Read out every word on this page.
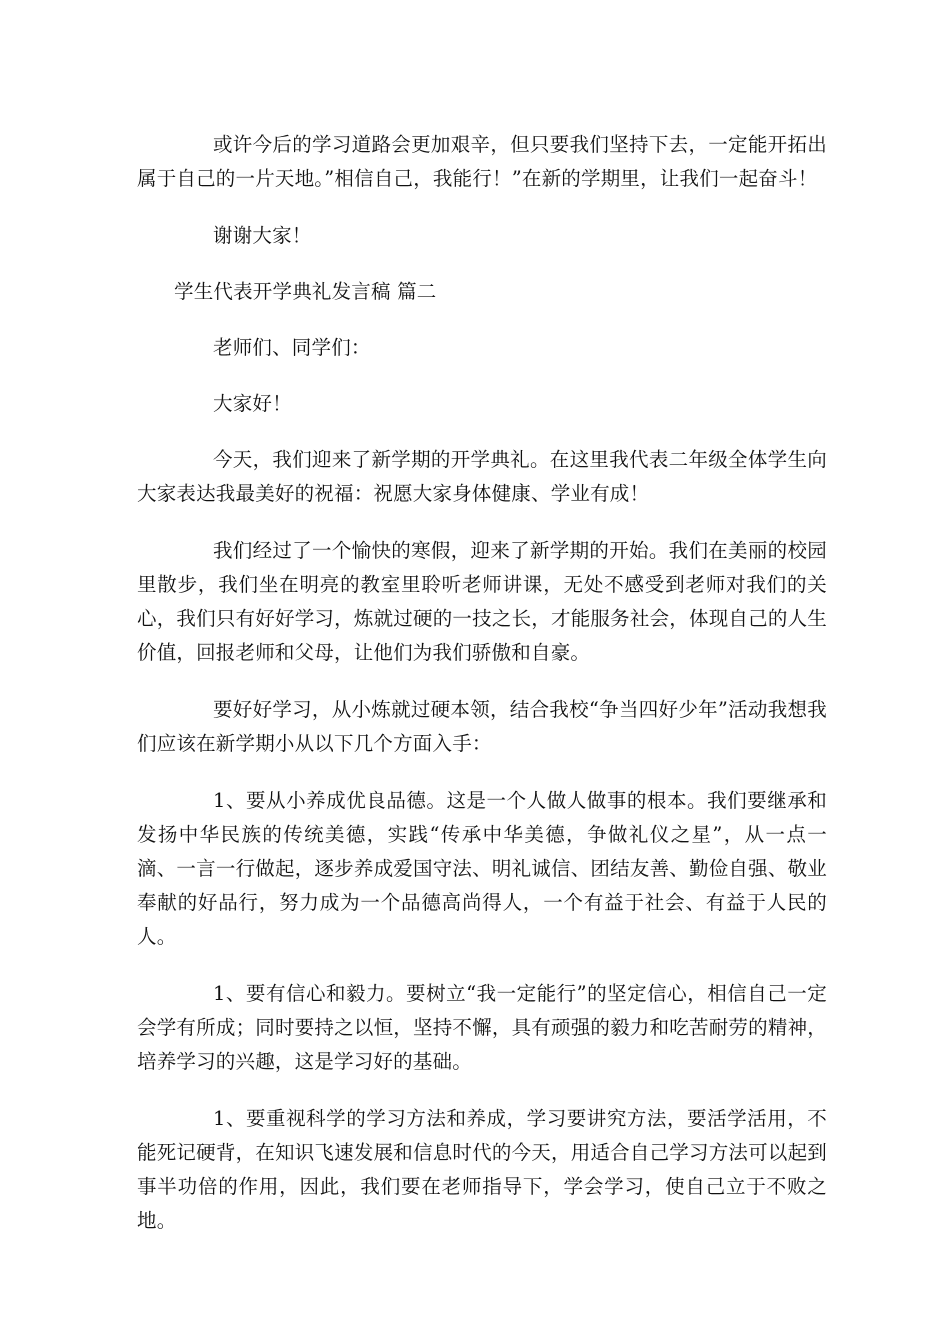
或许今后的学习道路会更加艰辛，但只要我们坚持下去，一定能开拓出属于自己的一片天地。”相信自己，我能行！”在新的学期里，让我们一起奋斗！

谢谢大家！

学生代表开学典礼发言稿 篇二

老师们、同学们：

大家好！

今天，我们迎来了新学期的开学典礼。在这里我代表二年级全体学生向大家表达我最美好的祝福：祝愿大家身体健康、学业有成！

我们经过了一个愉快的寒假，迎来了新学期的开始。我们在美丽的校园里散步，我们坐在明亮的教室里聆听老师讲课，无处不感受到老师对我们的关心，我们只有好好学习，炼就过硬的一技之长，才能服务社会，体现自己的人生价值，回报老师和父母，让他们为我们骄傲和自豪。

要好好学习，从小炼就过硬本领，结合我校“争当四好少年”活动我想我们应该在新学期小从以下几个方面入手：

1、要从小养成优良品德。这是一个人做人做事的根本。我们要继承和发扬中华民族的传统美德，实践“传承中华美德，争做礼仪之星”，从一点一滴、一言一行做起，逐步养成爱国守法、明礼诚信、团结友善、勤俭自强、敬业奉献的好品行，努力成为一个品德高尚得人，一个有益于社会、有益于人民的人。

1、要有信心和毅力。要树立“我一定能行”的坚定信心，相信自己一定会学有所成；同时要持之以恒，坚持不懈，具有顽强的毅力和吃苦耐劳的精神，培养学习的兴趣，这是学习好的基础。

1、要重视科学的学习方法和养成，学习要讲究方法，要活学活用，不能死记硬背，在知识飞速发展和信息时代的今天，用适合自己学习方法可以起到事半功倍的作用，因此，我们要在老师指导下，学会学习，使自己立于不败之地。
